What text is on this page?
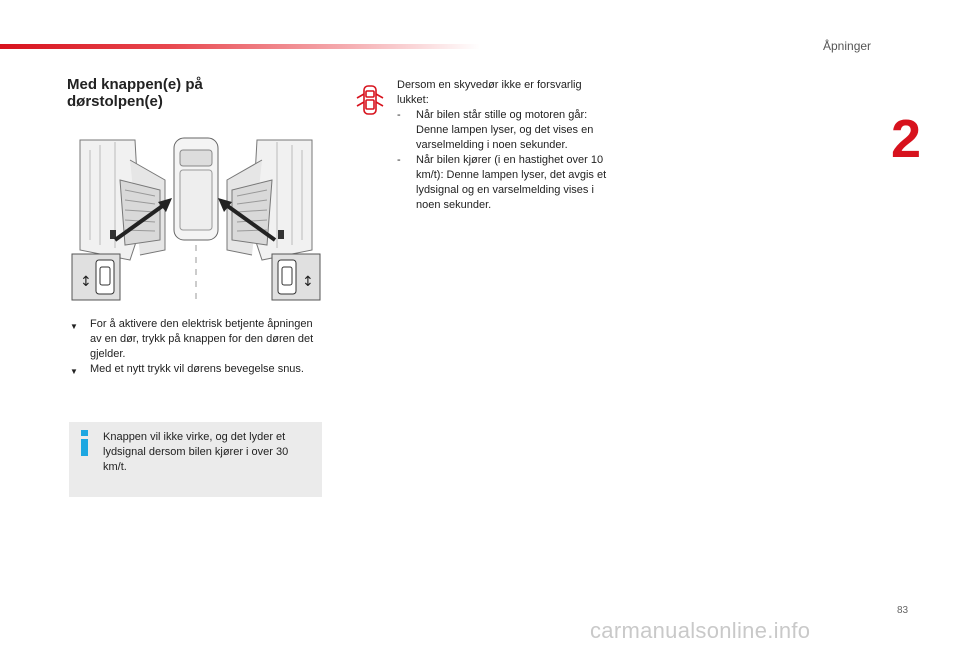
Åpninger
2
Med knappen(e) på dørstolpen(e)
↕	↕
▼ For å aktivere den elektrisk betjente åpningen av en dør, trykk på knappen for den døren det gjelder.
▼ Med et nytt trykk vil dørens bevegelse snus.
Knappen vil ikke virke, og det lyder et lydsignal dersom bilen kjører i over 30 km/t.
Dersom en skyvedør ikke er forsvarlig lukket:
- Når bilen står stille og motoren går: Denne lampen lyser, og det vises en varselmelding i noen sekunder.
- Når bilen kjører (i en hastighet over 10 km/t): Denne lampen lyser, det avgis et lydsignal og en varselmelding vises i noen sekunder.
83
carmanualsonline.info
